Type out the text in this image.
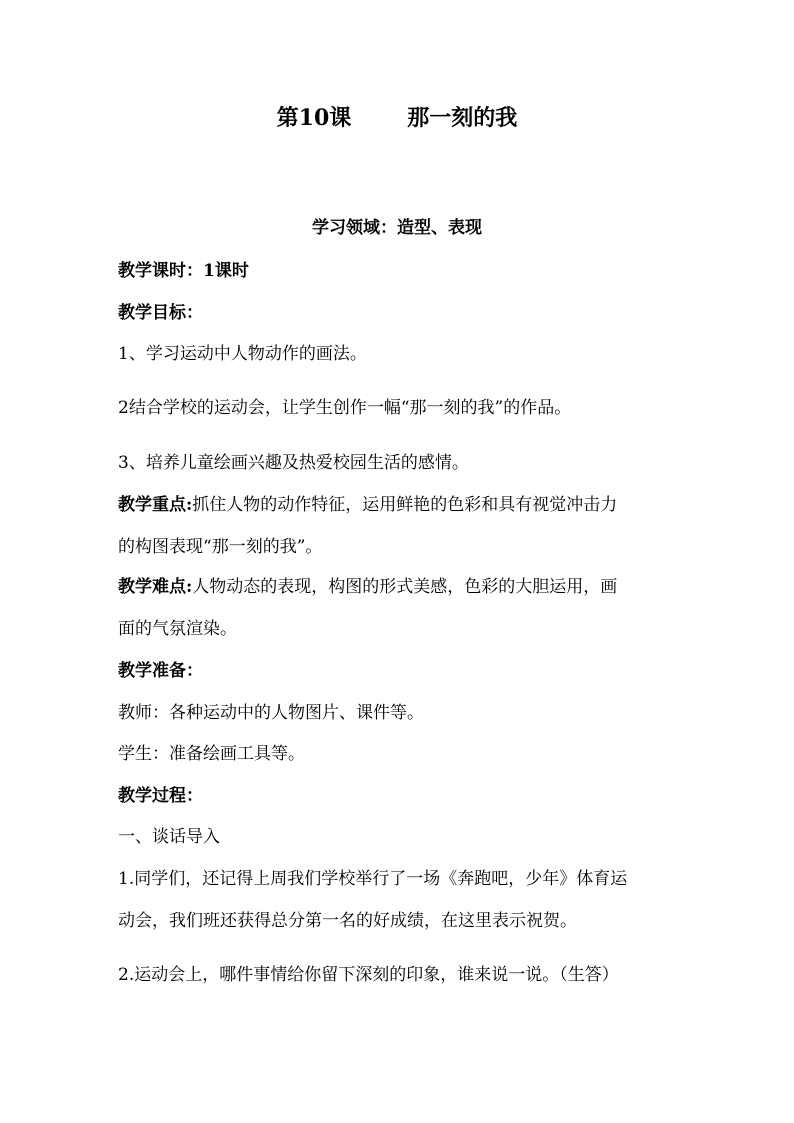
第10课	那一刻的我
学习领域：造型、表现
教学课时：1课时
教学目标：
1、学习运动中人物动作的画法。
2结合学校的运动会，让学生创作一幅“那一刻的我”的作品。
3、培养儿童绘画兴趣及热爱校园生活的感情。
教学重点:抓住人物的动作特征，运用鲜艳的色彩和具有视觉冲击力
的构图表现“那一刻的我”。
教学难点:人物动态的表现，构图的形式美感，色彩的大胆运用，画
面的气氛渲染。
教学准备：
教师：各种运动中的人物图片、课件等。
学生：准备绘画工具等。
教学过程：
一、谈话导入
1.同学们，还记得上周我们学校举行了一场《奔跑吧，少年》体育运
动会，我们班还获得总分第一名的好成绩，在这里表示祝贺。
2.运动会上，哪件事情给你留下深刻的印象，谁来说一说。（生答）
